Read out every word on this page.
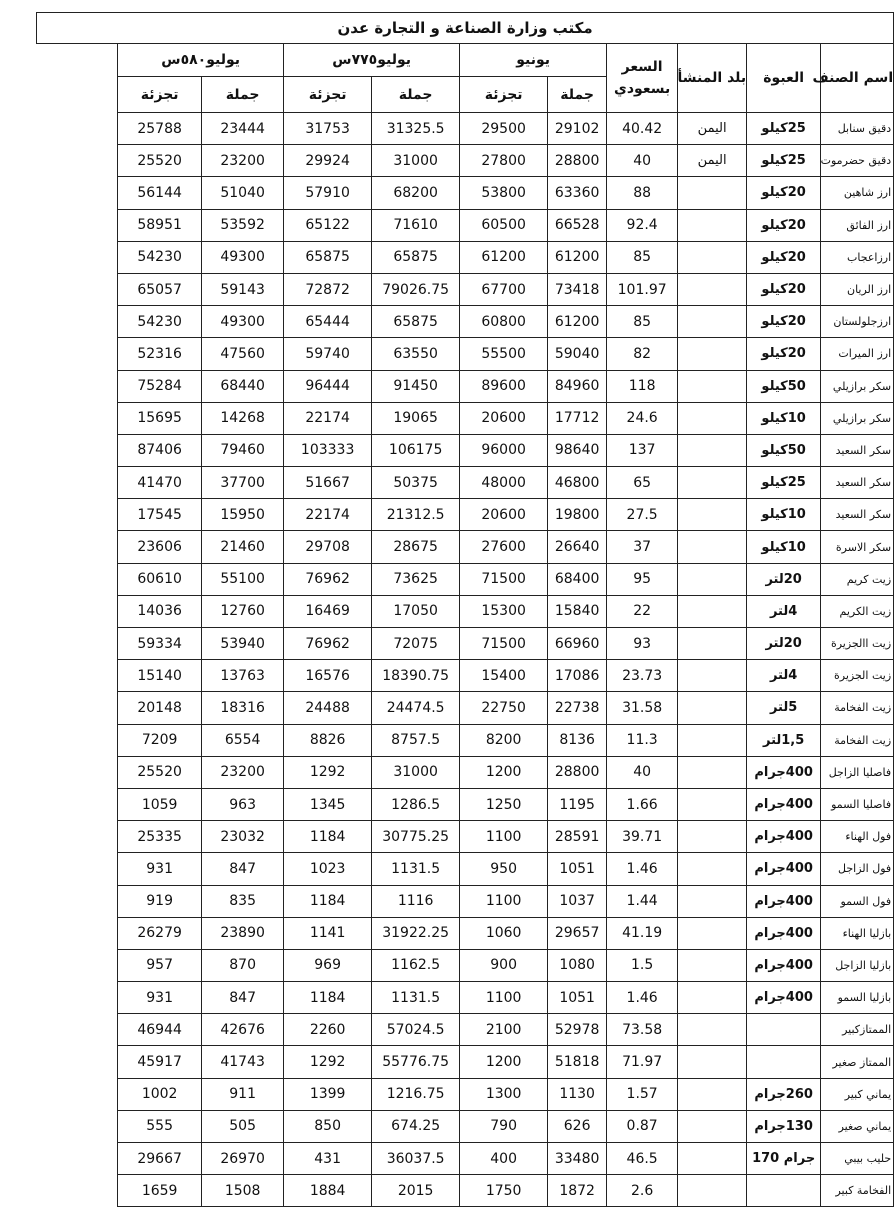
مكتب وزارة الصناعة و التجارة عدن									
اسم الصنف	العبوة	بلد المنشأ	السعر بسعودي	يونيو		يوليو٧٧٥س		يوليو٥٨٠س	
				جملة	تجزئة	جملة	تجزئة	جملة	تجزئة
دقيق سنابل	25كيلو	اليمن	40.42	29102	29500	31325.5	31753	23444	25788
دقيق حضرموت	25كيلو	اليمن	40	28800	27800	31000	29924	23200	25520
ارز شاهين	20كيلو		88	63360	53800	68200	57910	51040	56144
ارز الفائق	20كيلو		92.4	66528	60500	71610	65122	53592	58951
ارزاعجاب	20كيلو		85	61200	61200	65875	65875	49300	54230
ارز الريان	20كيلو		101.97	73418	67700	79026.75	72872	59143	65057
ارزجلولستان	20كيلو		85	61200	60800	65875	65444	49300	54230
ارز الميرات	20كيلو		82	59040	55500	63550	59740	47560	52316
سكر برازيلي	50كيلو		118	84960	89600	91450	96444	68440	75284
سكر برازيلي	10كيلو		24.6	17712	20600	19065	22174	14268	15695
سكر السعيد	50كيلو		137	98640	96000	106175	103333	79460	87406
سكر السعيد	25كيلو		65	46800	48000	50375	51667	37700	41470
سكر السعيد	10كيلو		27.5	19800	20600	21312.5	22174	15950	17545
سكر الاسرة	10كيلو		37	26640	27600	28675	29708	21460	23606
زيت كريم	20لتر		95	68400	71500	73625	76962	55100	60610
زيت الكريم	4لتر		22	15840	15300	17050	16469	12760	14036
زيت االجزيرة	20لتر		93	66960	71500	72075	76962	53940	59334
زيت الجزيرة	4لتر		23.73	17086	15400	18390.75	16576	13763	15140
زيت الفخامة	5لتر		31.58	22738	22750	24474.5	24488	18316	20148
زيت الفخامة	1,5لتر		11.3	8136	8200	8757.5	8826	6554	7209
فاصليا الزاجل	400جرام		40	28800	1200	31000	1292	23200	25520
فاصليا السمو	400جرام		1.66	1195	1250	1286.5	1345	963	1059
فول الهناء	400جرام		39.71	28591	1100	30775.25	1184	23032	25335
فول الزاجل	400جرام		1.46	1051	950	1131.5	1023	847	931
فول السمو	400جرام		1.44	1037	1100	1116	1184	835	919
بازليا الهناء	400جرام		41.19	29657	1060	31922.25	1141	23890	26279
بازليا الزاجل	400جرام		1.5	1080	900	1162.5	969	870	957
بازليا السمو	400جرام		1.46	1051	1100	1131.5	1184	847	931
الممتازكبير			73.58	52978	2100	57024.5	2260	42676	46944
الممتاز صغير			71.97	51818	1200	55776.75	1292	41743	45917
يماني كبير	260جرام		1.57	1130	1300	1216.75	1399	911	1002
يماني صغير	130جرام		0.87	626	790	674.25	850	505	555
حليب بيبي	جرام 170		46.5	33480	400	36037.5	431	26970	29667
الفخامة كبير			2.6	1872	1750	2015	1884	1508	1659
